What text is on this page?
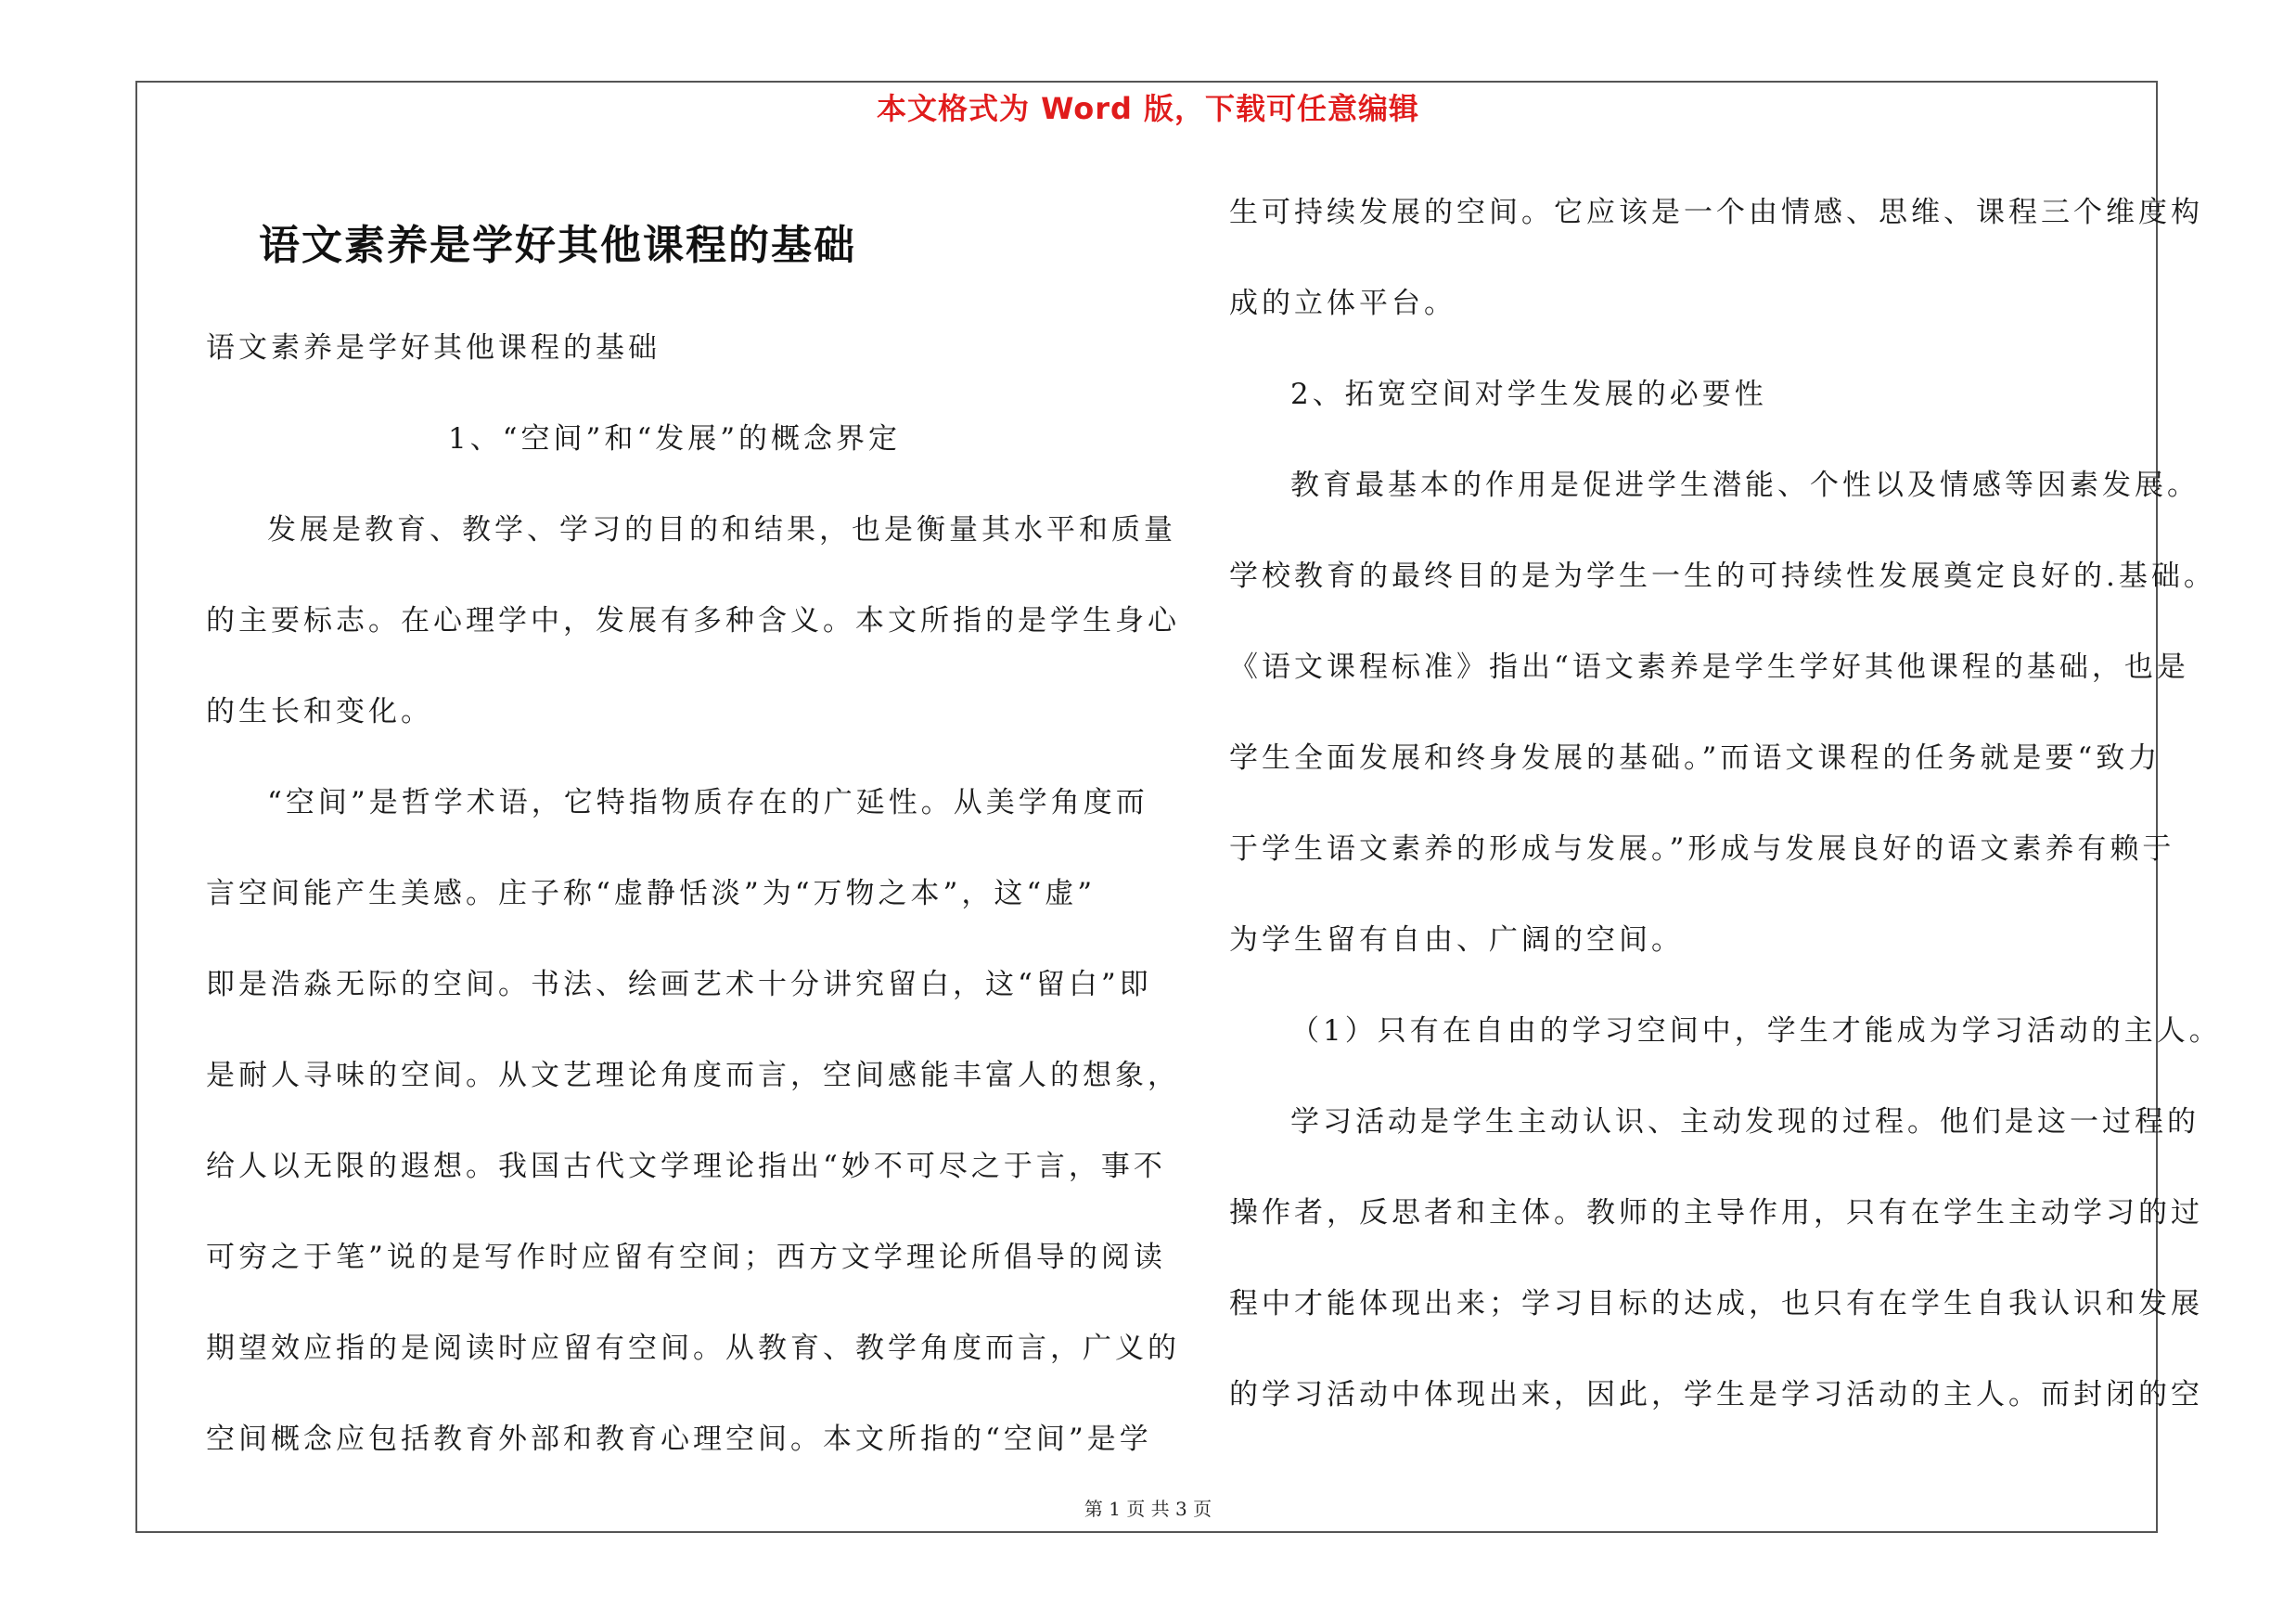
本文格式为 Word 版，下载可任意编辑
语文素养是学好其他课程的基础

语文素养是学好其他课程的基础

1、“空间”和“发展”的概念界定

发展是教育、教学、学习的目的和结果，也是衡量其水平和质量

的主要标志。在心理学中，发展有多种含义。本文所指的是学生身心

的生长和变化。

“空间”是哲学术语，它特指物质存在的广延性。从美学角度而

言空间能产生美感。庄子称“虚静恬淡”为“万物之本”，这“虚”

即是浩淼无际的空间。书法、绘画艺术十分讲究留白，这“留白”即

是耐人寻味的空间。从文艺理论角度而言，空间感能丰富人的想象，

给人以无限的遐想。我国古代文学理论指出“妙不可尽之于言，事不

可穷之于笔”说的是写作时应留有空间；西方文学理论所倡导的阅读

期望效应指的是阅读时应留有空间。从教育、教学角度而言，广义的

空间概念应包括教育外部和教育心理空间。本文所指的“空间”是学

生可持续发展的空间。它应该是一个由情感、思维、课程三个维度构

成的立体平台。

2、拓宽空间对学生发展的必要性

教育最基本的作用是促进学生潜能、个性以及情感等因素发展。

学校教育的最终目的是为学生一生的可持续性发展奠定良好的.基础。

《语文课程标准》指出“语文素养是学生学好其他课程的基础，也是

学生全面发展和终身发展的基础。”而语文课程的任务就是要“致力

于学生语文素养的形成与发展。”形成与发展良好的语文素养有赖于

为学生留有自由、广阔的空间。

（1）只有在自由的学习空间中，学生才能成为学习活动的主人。

学习活动是学生主动认识、主动发现的过程。他们是这一过程的

操作者，反思者和主体。教师的主导作用，只有在学生主动学习的过

程中才能体现出来；学习目标的达成，也只有在学生自我认识和发展

的学习活动中体现出来，因此，学生是学习活动的主人。而封闭的空

第 1 页 共 3 页
